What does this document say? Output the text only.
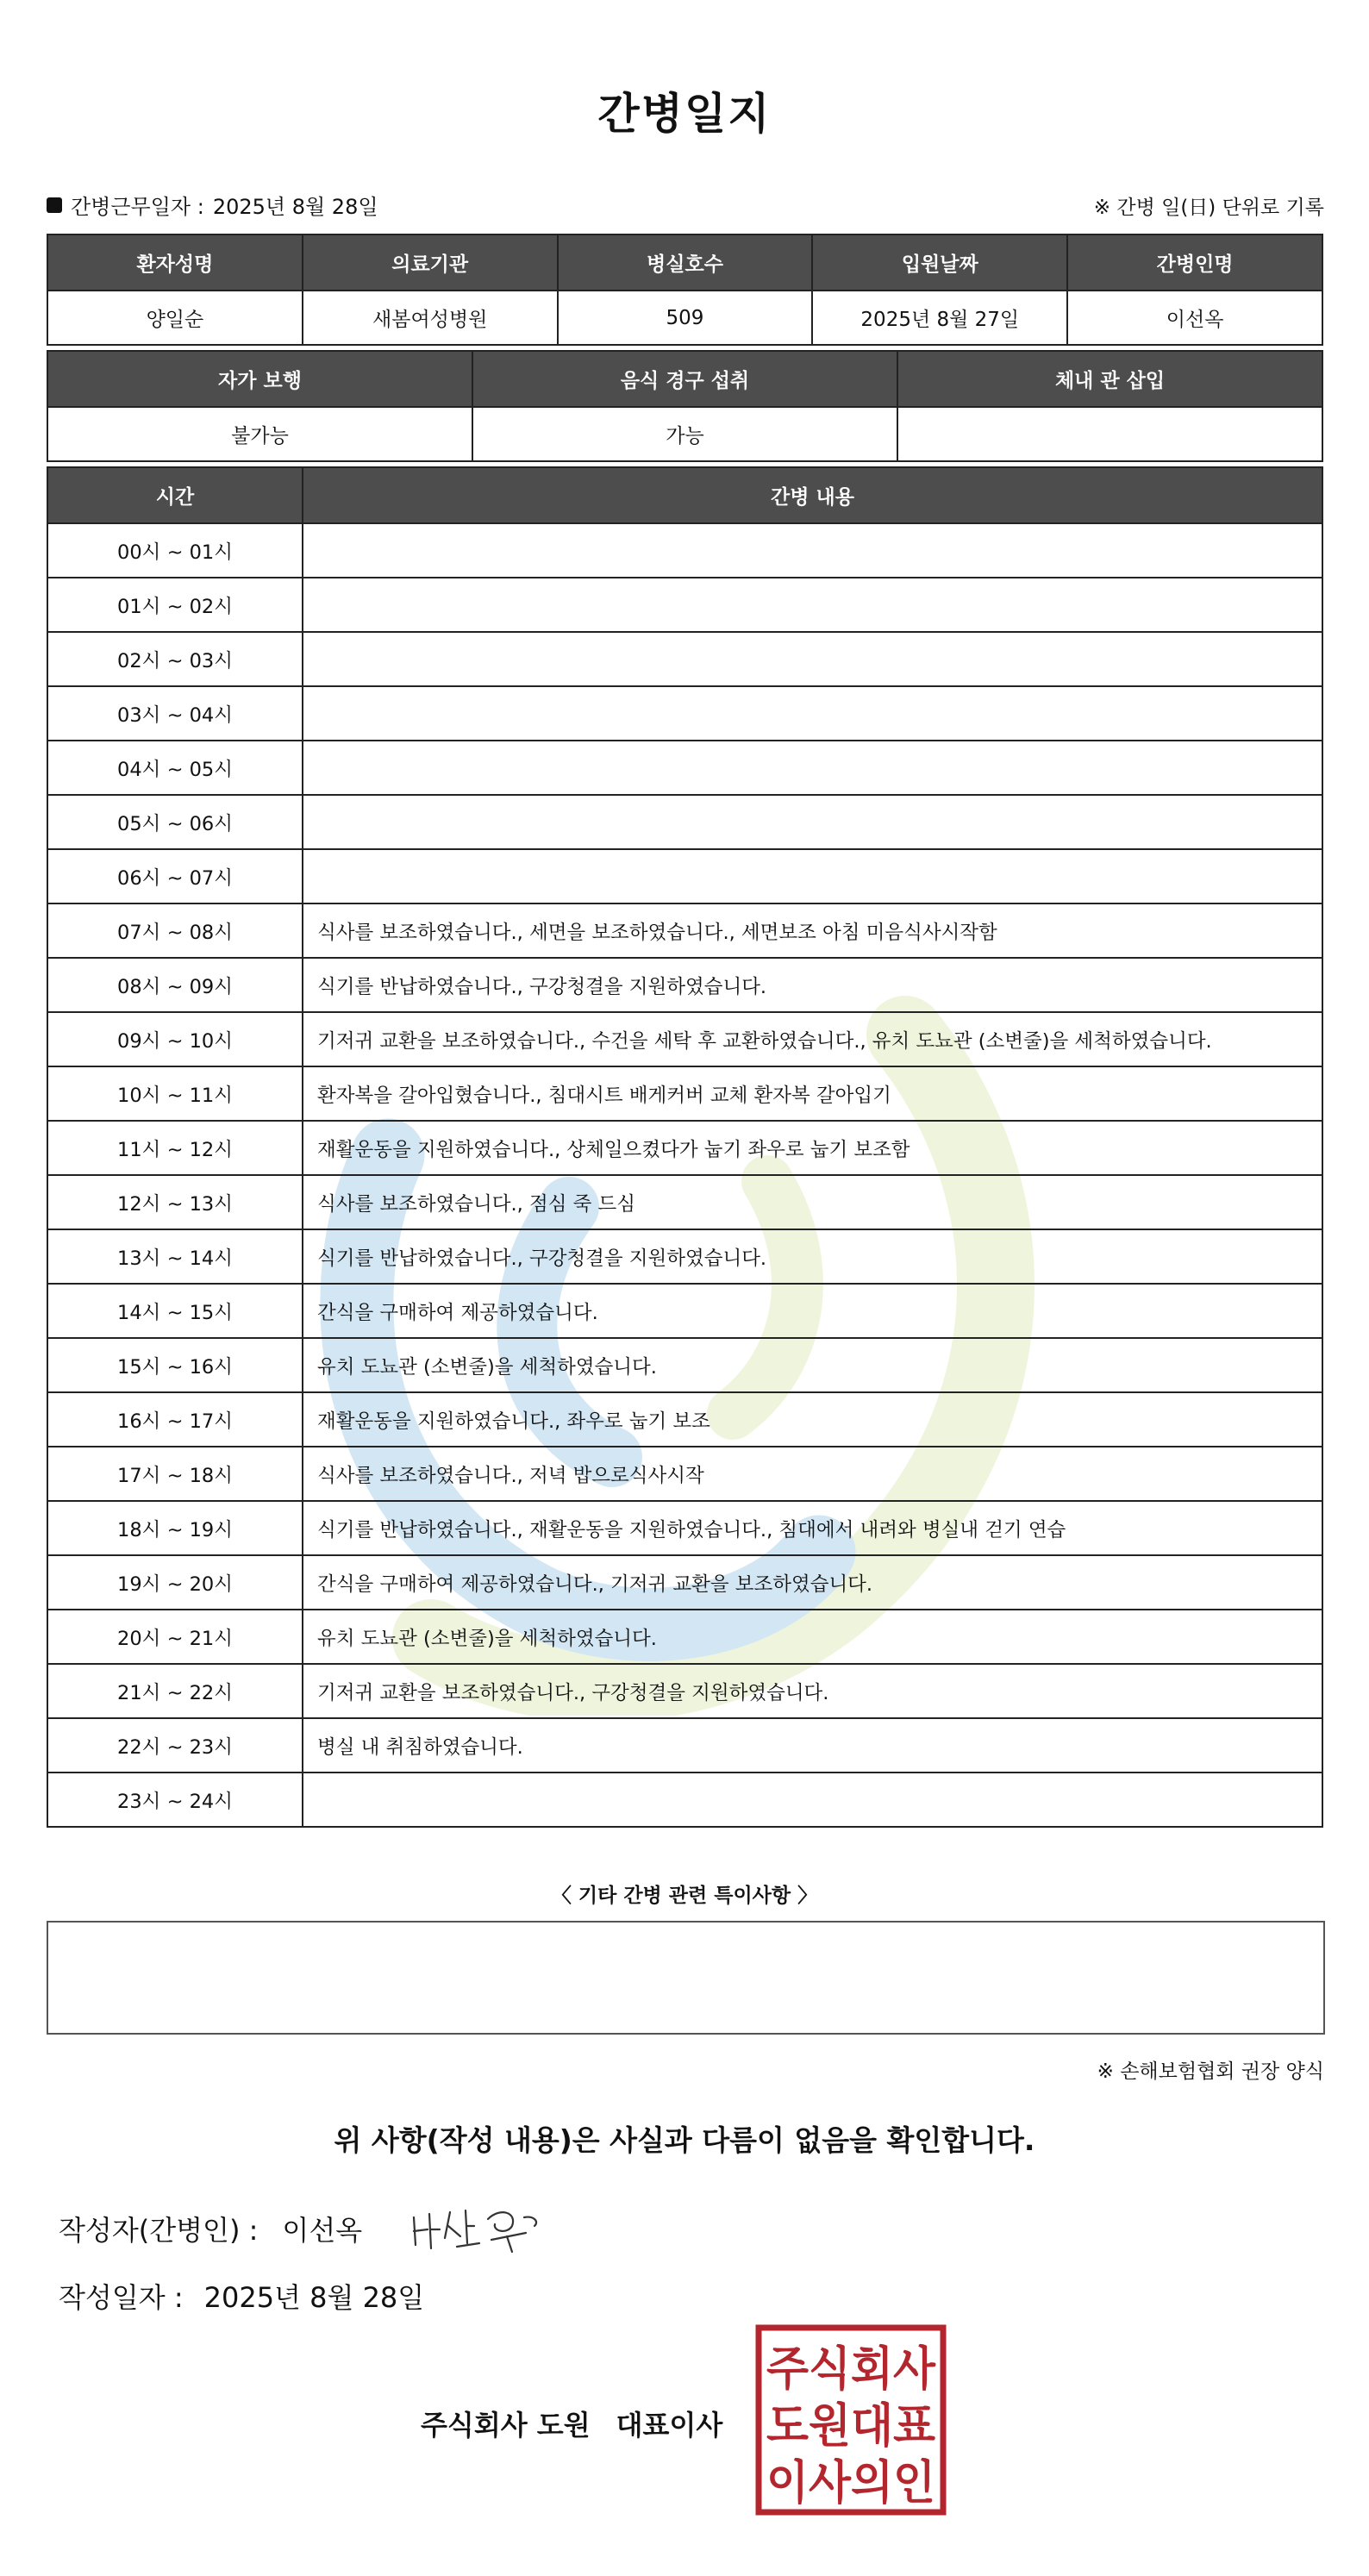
간병일지
간병근무일자 : 2025년 8월 28일	※ 간병 일(日) 단위로 기록
환자성명	의료기관	병실호수	입원날짜	간병인명
양일순	새봄여성병원	509	2025년 8월 27일	이선옥
자가 보행	음식 경구 섭취	체내 관 삽입
불가능	가능	
시간	간병 내용
00시 ~ 01시	
01시 ~ 02시	
02시 ~ 03시	
03시 ~ 04시	
04시 ~ 05시	
05시 ~ 06시	
06시 ~ 07시	
07시 ~ 08시	식사를 보조하였습니다., 세면을 보조하였습니다., 세면보조 아침 미음식사시작함
08시 ~ 09시	식기를 반납하였습니다., 구강청결을 지원하였습니다.
09시 ~ 10시	기저귀 교환을 보조하였습니다., 수건을 세탁 후 교환하였습니다., 유치 도뇨관 (소변줄)을 세척하였습니다.
10시 ~ 11시	환자복을 갈아입혔습니다., 침대시트 배게커버 교체 환자복 갈아입기
11시 ~ 12시	재활운동을 지원하였습니다., 상체일으켰다가 눕기 좌우로 눕기 보조함
12시 ~ 13시	식사를 보조하였습니다., 점심 죽 드심
13시 ~ 14시	식기를 반납하였습니다., 구강청결을 지원하였습니다.
14시 ~ 15시	간식을 구매하여 제공하였습니다.
15시 ~ 16시	유치 도뇨관 (소변줄)을 세척하였습니다.
16시 ~ 17시	재활운동을 지원하였습니다., 좌우로 눕기 보조
17시 ~ 18시	식사를 보조하였습니다., 저녁 밥으로식사시작
18시 ~ 19시	식기를 반납하였습니다., 재활운동을 지원하였습니다., 침대에서 내려와 병실내 걷기 연습
19시 ~ 20시	간식을 구매하여 제공하였습니다., 기저귀 교환을 보조하였습니다.
20시 ~ 21시	유치 도뇨관 (소변줄)을 세척하였습니다.
21시 ~ 22시	기저귀 교환을 보조하였습니다., 구강청결을 지원하였습니다.
22시 ~ 23시	병실 내 취침하였습니다.
23시 ~ 24시	
〈 기타 간병 관련 특이사항 〉
※ 손해보험협회 권장 양식
위 사항(작성 내용)은 사실과 다름이 없음을 확인합니다.
작성자(간병인) : 이선옥
작성일자 : 2025년 8월 28일
주식회사 도원 대표이사
주식회사
도원대표
이사의인
